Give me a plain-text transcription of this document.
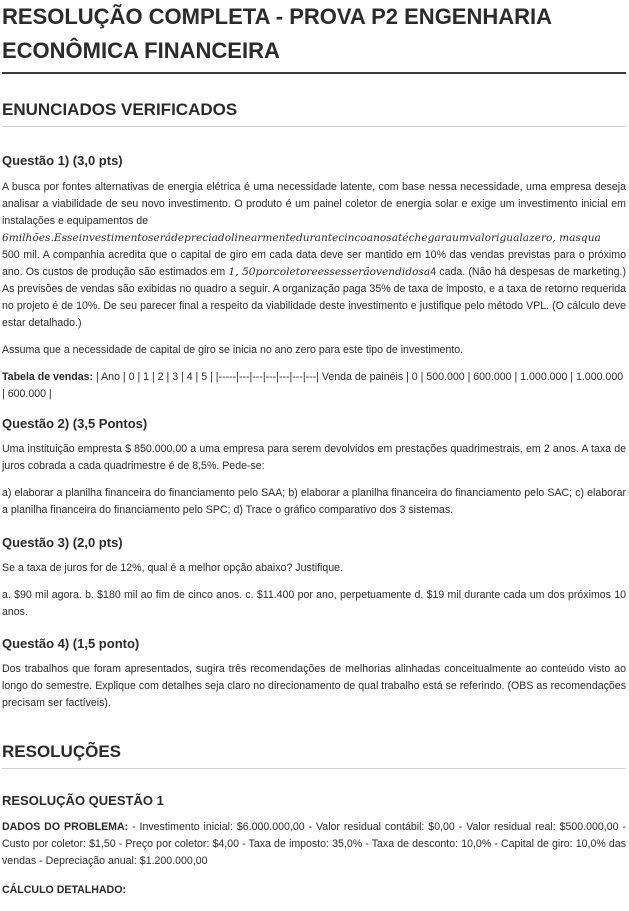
RESOLUÇÃO COMPLETA - PROVA P2 ENGENHARIA
ECONÔMICA FINANCEIRA
ENUNCIADOS VERIFICADOS
Questão 1) (3,0 pts)

A busca por fontes alternativas de energia elétrica é uma necessidade latente, com base nessa necessidade, uma empresa deseja analisar a viabilidade de seu novo investimento. O produto é um painel coletor de energia solar e exige um investimento inicial em instalações e equipamentos de

6milhões.Esseinvestimentoserádepreciadolinearmentedurantecincoanosatéchegaraumvalorigualazero, masqua

500 mil. A companhia acredita que o capital de giro em cada data deve ser mantido em 10% das vendas previstas para o próximo ano. Os custos de produção são estimados em 1, 50porcoletoreessesserãovendidosa4 cada. (Não há despesas de marketing.) As previsões de vendas são exibidas no quadro a seguir. A organização paga 35% de taxa de imposto, e a taxa de retorno requerida no projeto é de 10%. De seu parecer final a respeito da viabilidade deste investimento e justifique pelo método VPL. (O cálculo deve estar detalhado.)

Assuma que a necessidade de capital de giro se inicia no ano zero para este tipo de investimento.

Tabela de vendas: | Ano | 0 | 1 | 2 | 3 | 4 | 5 | |-----|---|---|---|---|---|---| Venda de painéis | 0 | 500.000 | 600.000 | 1.000.000 | 1.000.000 | 600.000 |

Questão 2) (3,5 Pontos)

Uma instituição empresta $ 850.000,00 a uma empresa para serem devolvidos em prestações quadrimestrais, em 2 anos. A taxa de juros cobrada a cada quadrimestre é de 8,5%. Pede-se:

a) elaborar a planilha financeira do financiamento pelo SAA; b) elaborar a planilha financeira do financiamento pelo SAC; c) elaborar a planilha financeira do financiamento pelo SPC; d) Trace o gráfico comparativo dos 3 sistemas.

Questão 3) (2,0 pts)

Se a taxa de juros for de 12%, qual é a melhor opção abaixo? Justifique.

a. $90 mil agora. b. $180 mil ao fim de cinco anos. c. $11.400 por ano, perpetuamente d. $19 mil durante cada um dos próximos 10 anos.

Questão 4) (1,5 ponto)

Dos trabalhos que foram apresentados, sugira três recomendações de melhorias alinhadas conceitualmente ao conteúdo visto ao longo do semestre. Explique com detalhes seja claro no direcionamento de qual trabalho está se referindo. (OBS as recomendações precisam ser factíveis).

RESOLUÇÕES
RESOLUÇÃO QUESTÃO 1

DADOS DO PROBLEMA: - Investimento inicial: $6.000.000,00 - Valor residual contábil: $0,00 - Valor residual real: $500.000,00 - Custo por coletor: $1,50 - Preço por coletor: $4,00 - Taxa de imposto: 35,0% - Taxa de desconto: 10,0% - Capital de giro: 10,0% das vendas - Depreciação anual: $1.200.000,00

CÁLCULO DETALHADO:
